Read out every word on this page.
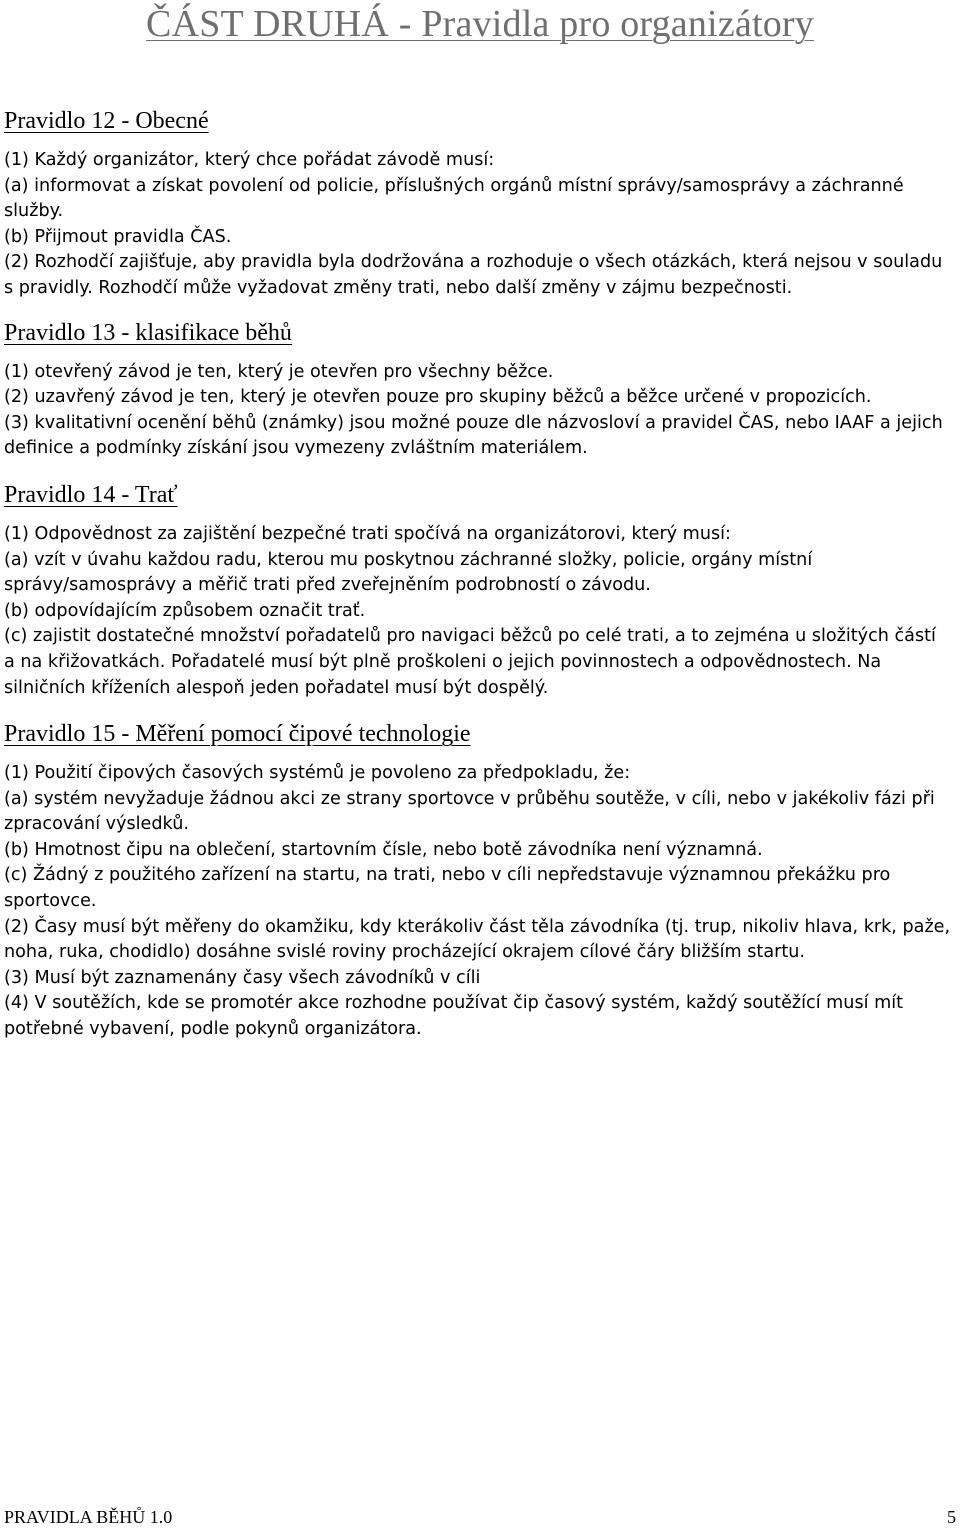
ČÁST DRUHÁ - Pravidla pro organizátory
Pravidlo 12 - Obecné

(1) Každý organizátor, který chce pořádat závodě musí:

(a) informovat a získat povolení od policie, příslušných orgánů místní správy/samosprávy a záchranné služby.

(b) Přijmout pravidla ČAS.

(2) Rozhodčí zajišťuje, aby pravidla byla dodržována a rozhoduje o všech otázkách, která nejsou v souladu s pravidly. Rozhodčí může vyžadovat změny trati, nebo další změny v zájmu bezpečnosti.

Pravidlo 13 - klasifikace běhů

(1) otevřený závod je ten, který je otevřen pro všechny běžce.

(2) uzavřený závod je ten, který je otevřen pouze pro skupiny běžců a běžce určené v propozicích.

(3) kvalitativní ocenění běhů (známky) jsou možné pouze dle názvosloví a pravidel ČAS, nebo IAAF a jejich definice a podmínky získání jsou vymezeny zvláštním materiálem.

Pravidlo 14 - Trať

(1) Odpovědnost za zajištění bezpečné trati spočívá na organizátorovi, který musí:

(a) vzít v úvahu každou radu, kterou mu poskytnou záchranné složky, policie, orgány místní správy/samosprávy a měřič trati před zveřejněním podrobností o závodu.

(b) odpovídajícím způsobem označit trať.

(c) zajistit dostatečné množství pořadatelů pro navigaci běžců po celé trati, a to zejména u složitých částí a na křižovatkách. Pořadatelé musí být plně proškoleni o jejich povinnostech a odpovědnostech. Na silničních kříženích alespoň jeden pořadatel musí být dospělý.

Pravidlo 15 - Měření pomocí čipové technologie

(1) Použití čipových časových systémů je povoleno za předpokladu, že:

(a) systém nevyžaduje žádnou akci ze strany sportovce v průběhu soutěže, v cíli, nebo v jakékoliv fázi při zpracování výsledků.

(b) Hmotnost čipu na oblečení, startovním čísle, nebo botě závodníka není významná.

(c) Žádný z použitého zařízení na startu, na trati, nebo v cíli nepředstavuje významnou překážku pro sportovce.

(2) Časy musí být měřeny do okamžiku, kdy kterákoliv část těla závodníka (tj. trup, nikoliv hlava, krk, paže, noha, ruka, chodidlo) dosáhne svislé roviny procházející okrajem cílové čáry bližším startu.

(3) Musí být zaznamenány časy všech závodníků v cíli

(4) V soutěžích, kde se promotér akce rozhodne používat čip časový systém, každý soutěžící musí mít potřebné vybavení, podle pokynů organizátora.

PRAVIDLA BĚHŮ 1.0	5
